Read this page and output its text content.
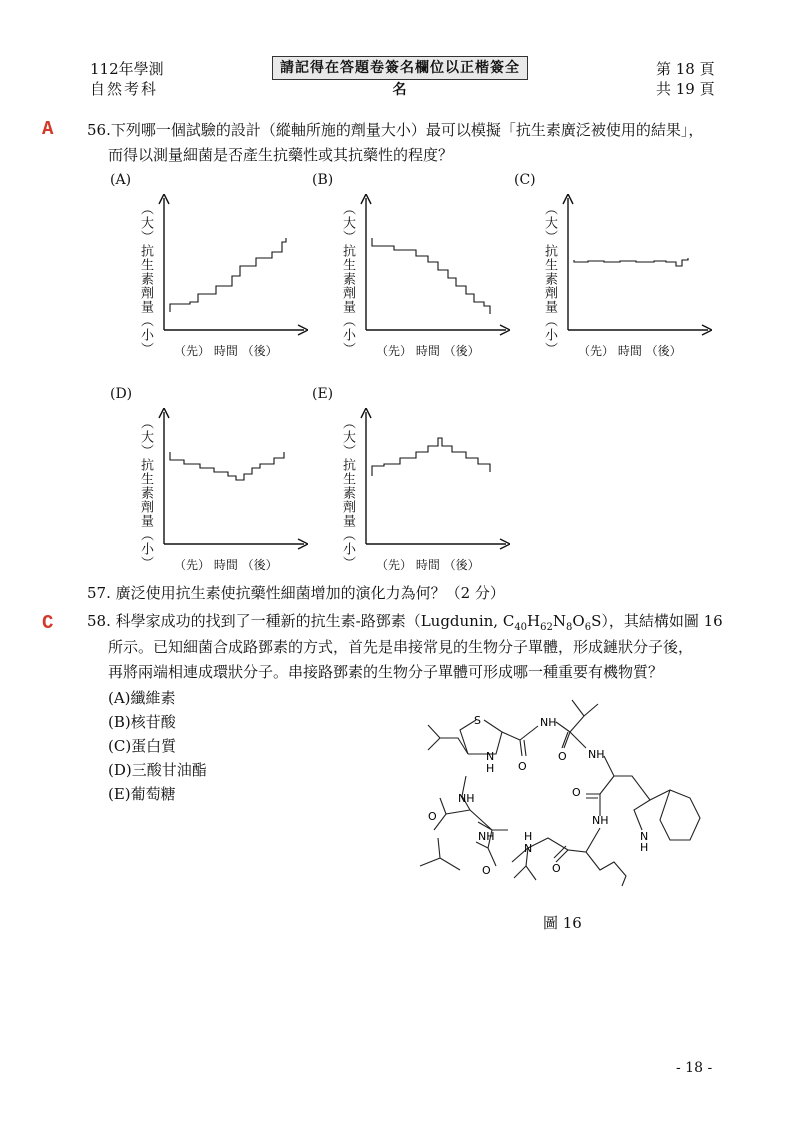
112年學測
自然考科
請記得在答題卷簽名欄位以正楷簽全名
第 18 頁
共 19 頁
A 56.下列哪一個試驗的設計（縱軸所施的劑量大小）最可以模擬「抗生素廣泛被使用的結果」，
而得以測量細菌是否產生抗藥性或其抗藥性的程度？
(A)
（大）抗生素劑量（小） （先） 時間 （後）
(B)
（大）抗生素劑量（小） （先） 時間 （後）
(C)
（大）抗生素劑量（小） （先） 時間 （後）
(D)
（大）抗生素劑量（小） （先） 時間 （後）
(E)
（大）抗生素劑量（小） （先） 時間 （後）
57. 廣泛使用抗生素使抗藥性細菌增加的演化力為何？（2 分）
C 58. 科學家成功的找到了一種新的抗生素-路鄧素（Lugdunin, $C_{40}H_{62}N_8O_6S$），其結構如圖 16
所示。已知細菌合成路鄧素的方式，首先是串接常見的生物分子單體，形成鏈狀分子後，
再將兩端相連成環狀分子。串接路鄧素的生物分子單體可形成哪一種重要有機物質？
(A)纖維素
(B)核苷酸
(C)蛋白質
(D)三酸甘油酯
(E)葡萄糖
S
N
H O
NH
O NH
O
NH
N
H
H
N
O
NH
O
NH
O
圖 16
- 18 -
